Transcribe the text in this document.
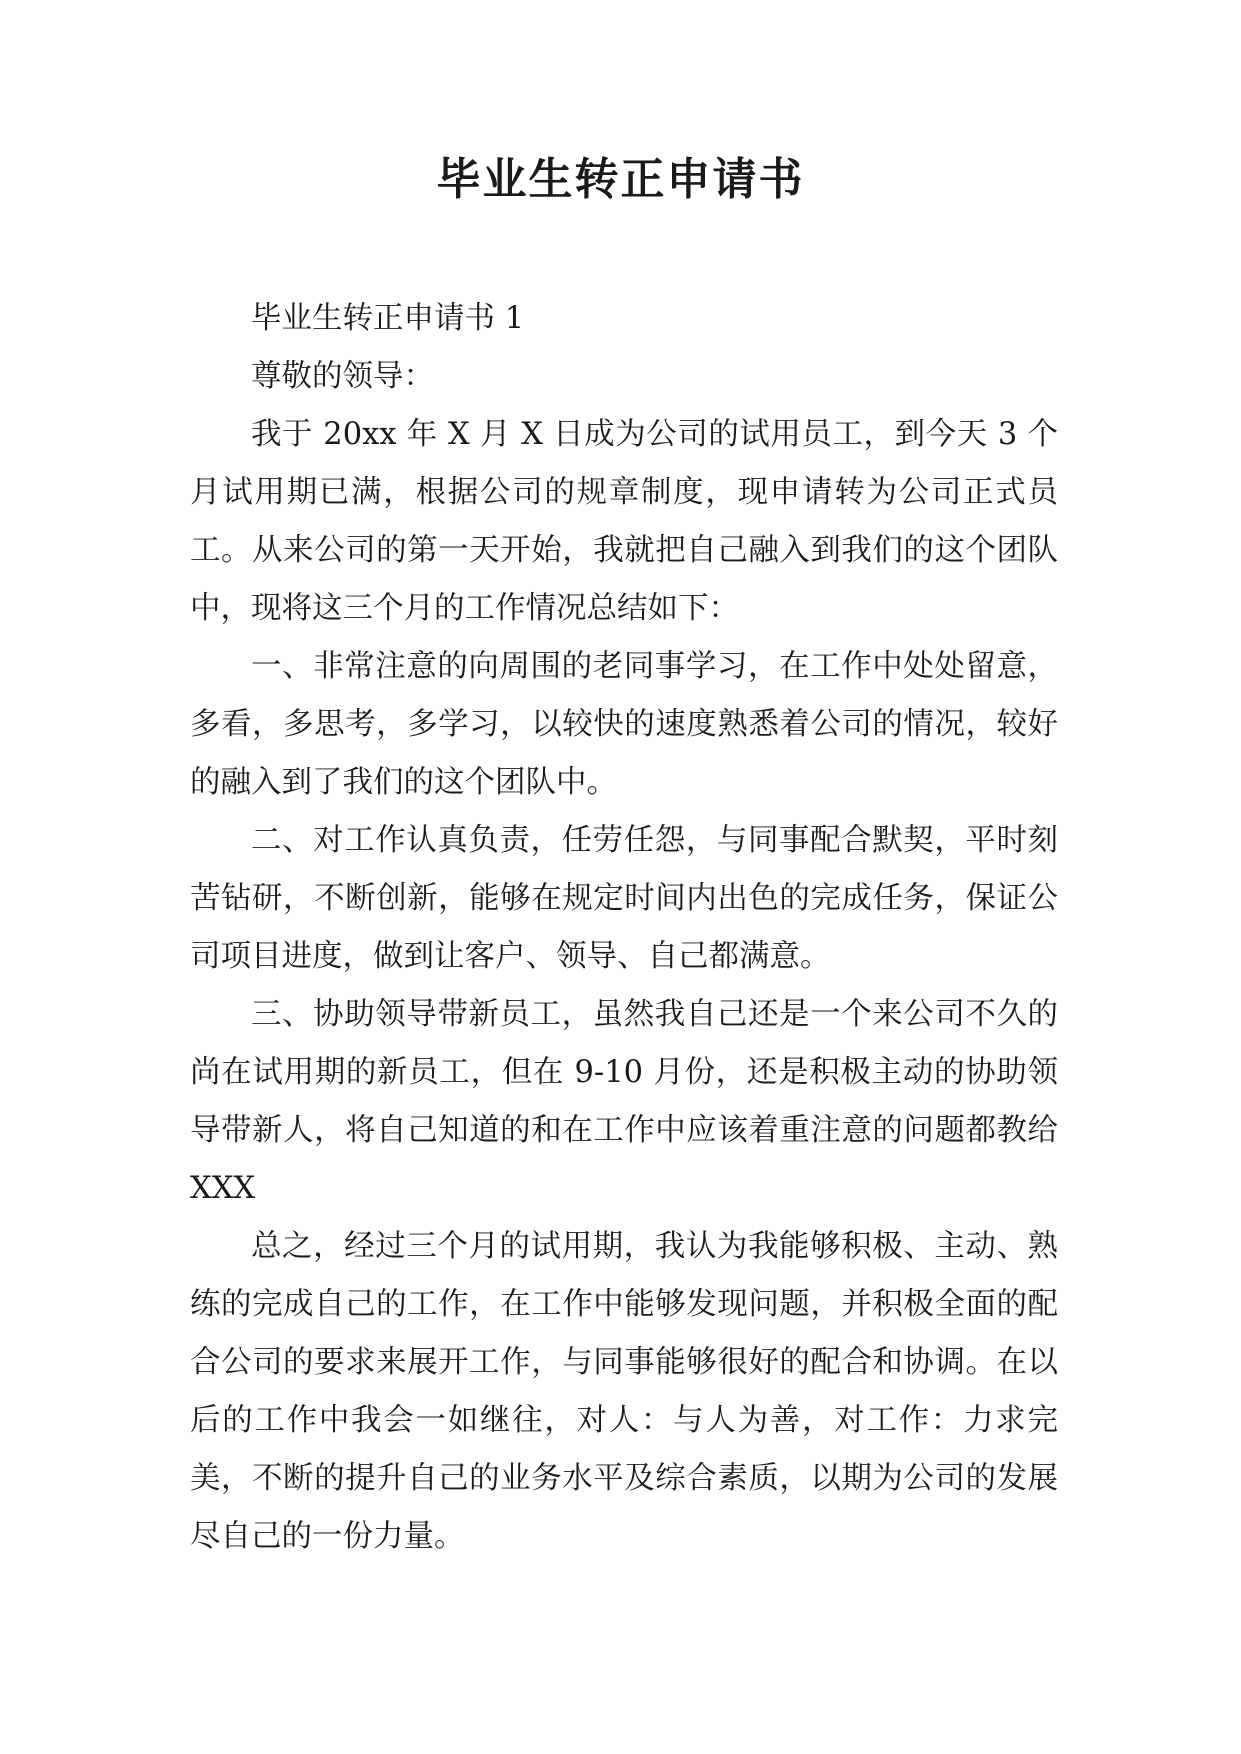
毕业生转正申请书

毕业生转正申请书 1

尊敬的领导：

我于 20xx 年 X 月 X 日成为公司的试用员工，到今天 3 个月试用期已满，根据公司的规章制度，现申请转为公司正式员工。从来公司的第一天开始，我就把自己融入到我们的这个团队中，现将这三个月的工作情况总结如下：

一、非常注意的向周围的老同事学习，在工作中处处留意，多看，多思考，多学习，以较快的速度熟悉着公司的情况，较好的融入到了我们的这个团队中。

二、对工作认真负责，任劳任怨，与同事配合默契，平时刻苦钻研，不断创新，能够在规定时间内出色的完成任务，保证公司项目进度，做到让客户、领导、自己都满意。

三、协助领导带新员工，虽然我自己还是一个来公司不久的尚在试用期的新员工，但在 9-10 月份，还是积极主动的协助领导带新人，将自己知道的和在工作中应该着重注意的问题都教给 XXX

总之，经过三个月的试用期，我认为我能够积极、主动、熟练的完成自己的工作，在工作中能够发现问题，并积极全面的配合公司的要求来展开工作，与同事能够很好的配合和协调。在以后的工作中我会一如继往，对人：与人为善，对工作：力求完美，不断的提升自己的业务水平及综合素质，以期为公司的发展尽自己的一份力量。
